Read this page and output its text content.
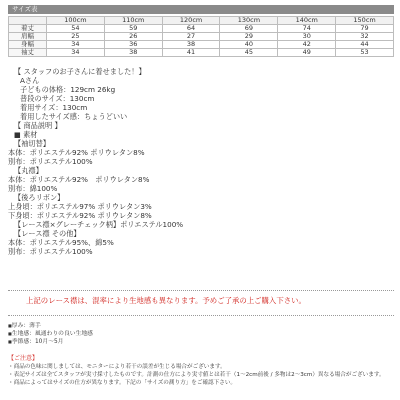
サイズ表
	100cm	110cm	120cm	130cm	140cm	150cm
着丈	54	59	64	69	74	79
肩幅	25	26	27	29	30	32
身幅	34	36	38	40	42	44
袖丈	34	38	41	45	49	53
【 スタッフのお子さんに着せました！】
Aさん
子どもの体格：129cm 26kg
普段のサイズ：130cm
着用サイズ：130cm
着用したサイズ感：ちょうどいい
【 商品説明 】
■ 素材
【袖切替】
本体：ポリエステル92% ポリウレタン8%
別布：ポリエステル100%
【丸襟】
本体：ポリエステル92%　ポリウレタン8%
別布：綿100%
【後ろリボン】
上身頃：ポリエステル97% ポリウレタン3%
下身頃：ポリエステル92% ポリウレタン8%
【レース襟×グレーチェック柄】ポリエステル100%
【レース襟 その他】
本体：ポリエステル95%、綿5%
別布：ポリエステル100%
上記のレース襟は、混率により生地感も異なります。予めご了承の上ご購入下さい。
■ 厚み：薄手
■ 生地感：風通わりの良い生地感
■ 季節感：10月～5月
【ご注意】
・商品の色味に関しましては、モニターにより若干の誤差が生じる場合がございます。
・表記サイズは全てスタッフが実寸採寸したものです。計測の仕方により実寸値とは若干（1～2cm前後 / 多物は2～3cm）異なる場合がございます。
・商品によってはサイズの仕方が異なります。下記の「サイズの測り方」をご確認下さい。
